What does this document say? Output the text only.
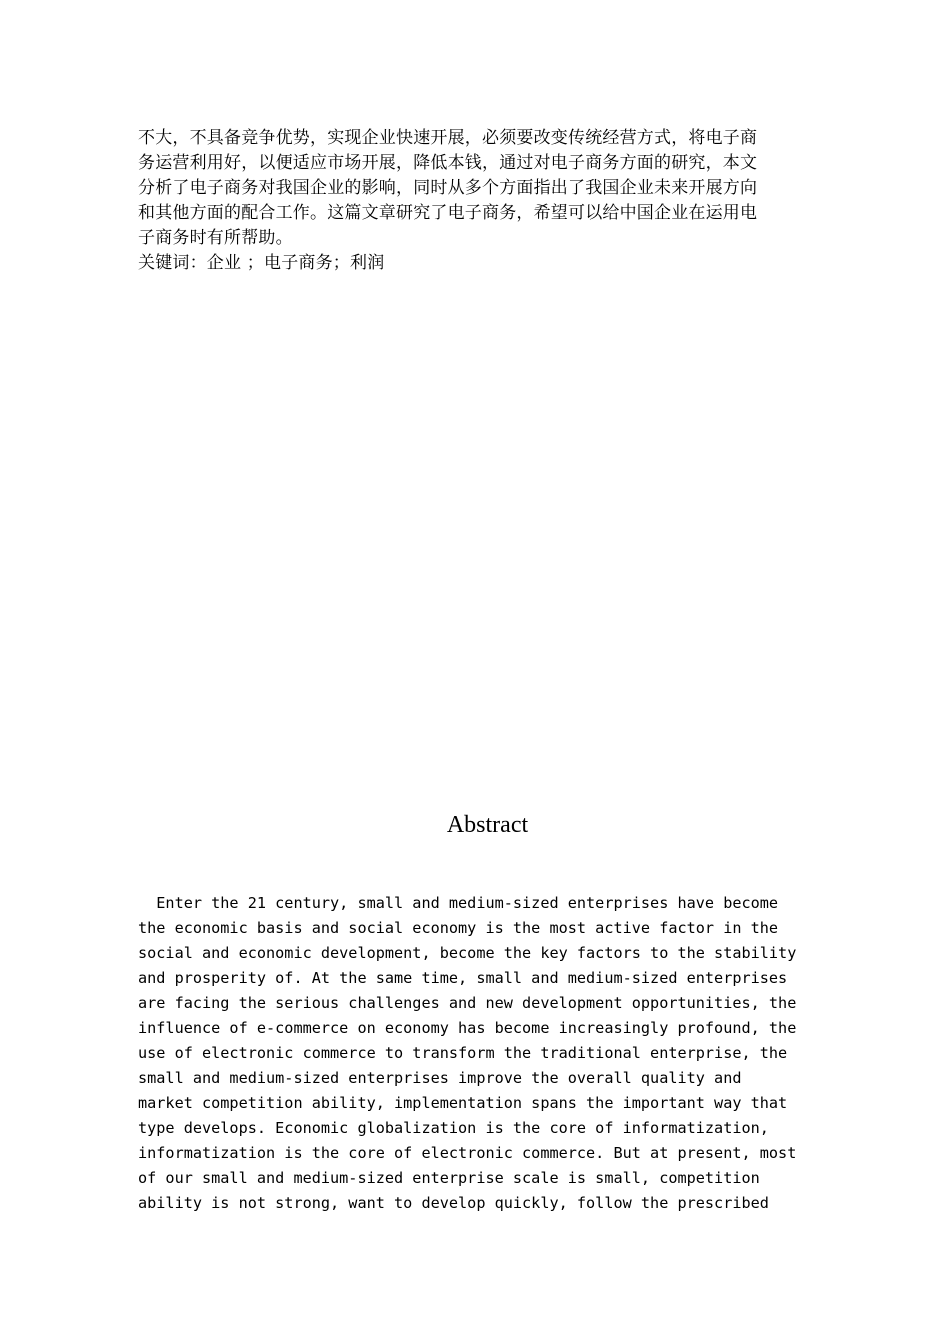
不大，不具备竞争优势，实现企业快速开展，必须要改变传统经营方式，将电子商
务运营利用好，以便适应市场开展，降低本钱，通过对电子商务方面的研究，本文
分析了电子商务对我国企业的影响，同时从多个方面指出了我国企业未来开展方向
和其他方面的配合工作。这篇文章研究了电子商务，希望可以给中国企业在运用电
子商务时有所帮助。
关键词：企业 ；电子商务；利润
Abstract
Enter the 21 century, small and medium-sized enterprises have become
the economic basis and social economy is the most active factor in the
social and economic development, become the key factors to the stability
and prosperity of. At the same time, small and medium-sized enterprises
are facing the serious challenges and new development opportunities, the
influence of e-commerce on economy has become increasingly profound, the
use of electronic commerce to transform the traditional enterprise, the
small and medium-sized enterprises improve the overall quality and
market competition ability, implementation spans the important way that
type develops. Economic globalization is the core of informatization,
informatization is the core of electronic commerce. But at present, most
of our small and medium-sized enterprise scale is small, competition
ability is not strong, want to develop quickly, follow the prescribed
